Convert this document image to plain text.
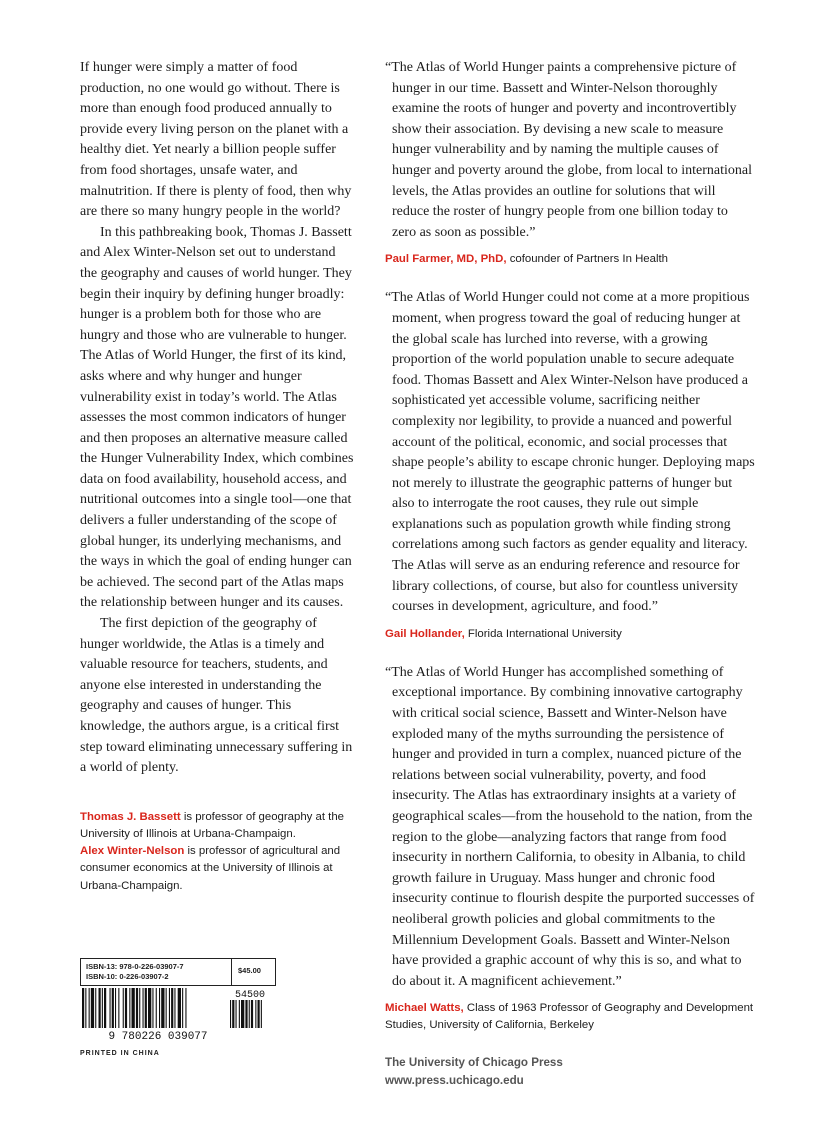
If hunger were simply a matter of food production, no one would go without. There is more than enough food produced annually to provide every living person on the planet with a healthy diet. Yet nearly a billion people suffer from food shortages, unsafe water, and malnutrition. If there is plenty of food, then why are there so many hungry people in the world?

In this pathbreaking book, Thomas J. Bassett and Alex Winter-Nelson set out to understand the geography and causes of world hunger. They begin their inquiry by defining hunger broadly: hunger is a problem both for those who are hungry and those who are vulnerable to hunger. The Atlas of World Hunger, the first of its kind, asks where and why hunger and hunger vulnerability exist in today’s world. The Atlas assesses the most common indicators of hunger and then proposes an alternative measure called the Hunger Vulnerability Index, which combines data on food availability, household access, and nutritional outcomes into a single tool—one that delivers a fuller understanding of the scope of global hunger, its underlying mechanisms, and the ways in which the goal of ending hunger can be achieved. The second part of the Atlas maps the relationship between hunger and its causes.

The first depiction of the geography of hunger worldwide, the Atlas is a timely and valuable resource for teachers, students, and anyone else interested in understanding the geography and causes of hunger. This knowledge, the authors argue, is a critical first step toward eliminating unnecessary suffering in a world of plenty.

Thomas J. Bassett is professor of geography at the University of Illinois at Urbana-Champaign.
Alex Winter-Nelson is professor of agricultural and consumer economics at the University of Illinois at Urbana-Champaign.

“The Atlas of World Hunger paints a comprehensive picture of hunger in our time. Bassett and Winter-Nelson thoroughly examine the roots of hunger and poverty and incontrovertibly show their association. By devising a new scale to measure hunger vulnerability and by naming the multiple causes of hunger and poverty around the globe, from local to international levels, the Atlas provides an outline for solutions that will reduce the roster of hungry people from one billion today to zero as soon as possible.”

Paul Farmer, MD, PhD, cofounder of Partners In Health

“The Atlas of World Hunger could not come at a more propitious moment, when progress toward the goal of reducing hunger at the global scale has lurched into reverse, with a growing proportion of the world population unable to secure adequate food. Thomas Bassett and Alex Winter-Nelson have produced a sophisticated yet accessible volume, sacrificing neither complexity nor legibility, to provide a nuanced and powerful account of the political, economic, and social processes that shape people’s ability to escape chronic hunger. Deploying maps not merely to illustrate the geographic patterns of hunger but also to interrogate the root causes, they rule out simple explanations such as population growth while finding strong correlations among such factors as gender equality and literacy. The Atlas will serve as an enduring reference and resource for library collections, of course, but also for countless university courses in development, agriculture, and food.”

Gail Hollander, Florida International University

“The Atlas of World Hunger has accomplished something of exceptional importance. By combining innovative cartography with critical social science, Bassett and Winter-Nelson have exploded many of the myths surrounding the persistence of hunger and provided in turn a complex, nuanced picture of the relations between social vulnerability, poverty, and food insecurity. The Atlas has extraordinary insights at a variety of geographical scales—from the household to the nation, from the region to the globe—analyzing factors that range from food insecurity in northern California, to obesity in Albania, to child growth failure in Uruguay. Mass hunger and chronic food insecurity continue to flourish despite the purported successes of neoliberal growth policies and global commitments to the Millennium Development Goals. Bassett and Winter-Nelson have provided a graphic account of why this is so, and what to do about it. A magnificent achievement.”

Michael Watts, Class of 1963 Professor of Geography and Development Studies, University of California, Berkeley
The University of Chicago Press
www.press.uchicago.edu
ISBN-13: 978-0-226-03907-7
ISBN-10: 0-226-03907-2
$45.00
9 780226 039077
54500
PRINTED IN CHINA
